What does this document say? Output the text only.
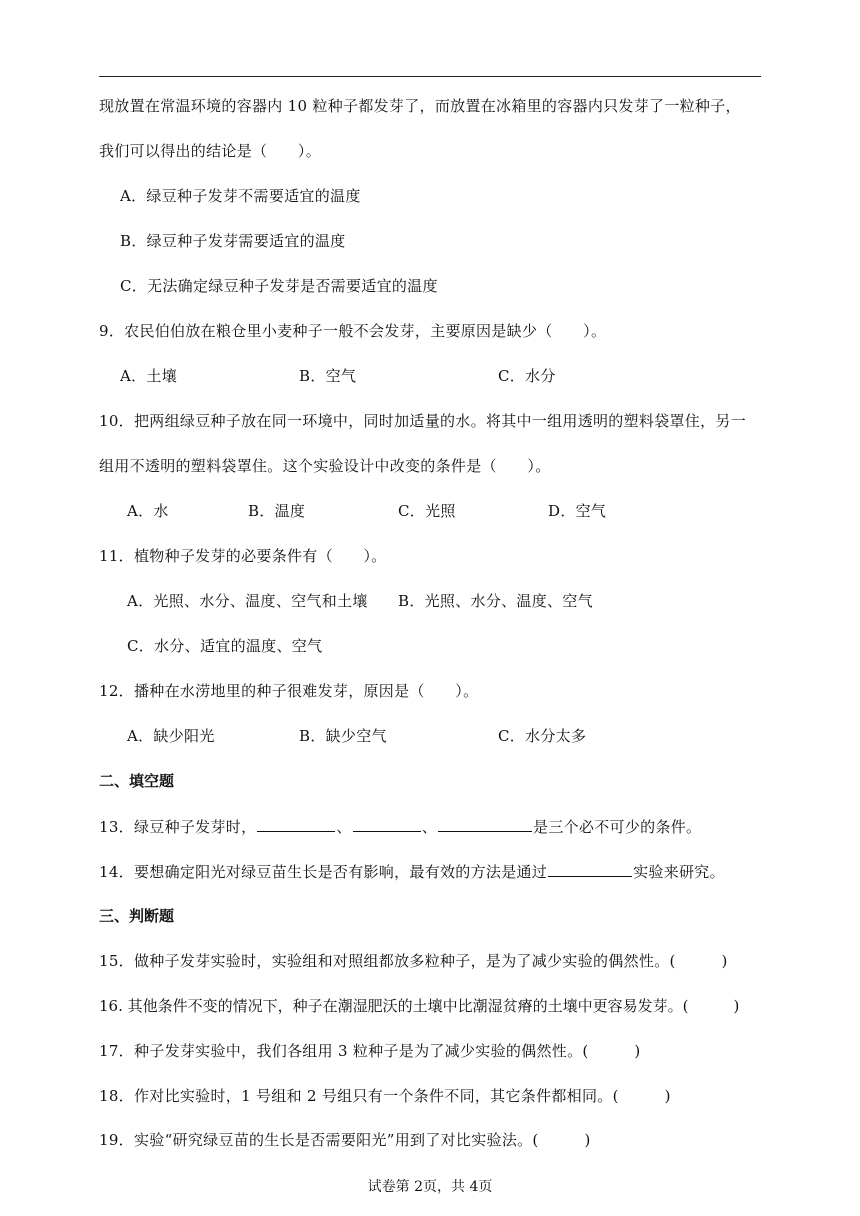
现放置在常温环境的容器内 10 粒种子都发芽了，而放置在冰箱里的容器内只发芽了一粒种子，
我们可以得出的结论是（　　）。
A．绿豆种子发芽不需要适宜的温度
B．绿豆种子发芽需要适宜的温度
C．无法确定绿豆种子发芽是否需要适宜的温度
9．农民伯伯放在粮仓里小麦种子一般不会发芽，主要原因是缺少（　　）。
A．土壤	B．空气	C．水分
10．把两组绿豆种子放在同一环境中，同时加适量的水。将其中一组用透明的塑料袋罩住，另一
组用不透明的塑料袋罩住。这个实验设计中改变的条件是（　　）。
A．水	B．温度	C．光照	D．空气
11．植物种子发芽的必要条件有（　　）。
A．光照、水分、温度、空气和土壤 B．光照、水分、温度、空气
C．水分、适宜的温度、空气
12．播种在水涝地里的种子很难发芽，原因是（　　）。
A．缺少阳光	B．缺少空气	C．水分太多
二、填空题
13．绿豆种子发芽时，	、	、	是三个必不可少的条件。
14．要想确定阳光对绿豆苗生长是否有影响，最有效的方法是通过	实验来研究。
三、判断题
15．做种子发芽实验时，实验组和对照组都放多粒种子，是为了减少实验的偶然性。(　　　)
16. 其他条件不变的情况下，种子在潮湿肥沃的土壤中比潮湿贫瘠的土壤中更容易发芽。(　　　)
17．种子发芽实验中，我们各组用 3 粒种子是为了减少实验的偶然性。(　　　)
18．作对比实验时，1 号组和 2 号组只有一个条件不同，其它条件都相同。(　　　)
19．实验“研究绿豆苗的生长是否需要阳光”用到了对比实验法。(　　　)
试卷第 2页，共 4页
